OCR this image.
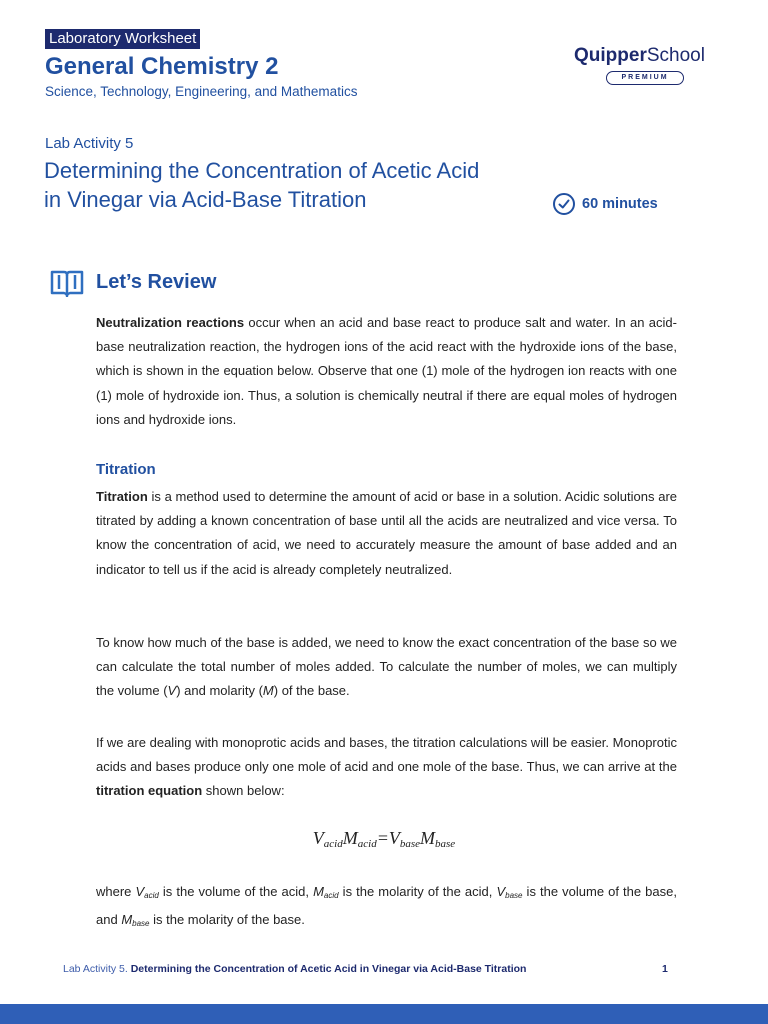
Laboratory Worksheet
General Chemistry 2
Science, Technology, Engineering, and Mathematics
QuipperSchool
PREMIUM
Lab Activity 5
Determining the Concentration of Acetic Acid
in Vinegar via Acid-Base Titration	60 minutes
Let’s Review

Neutralization reactions occur when an acid and base react to produce salt and water. In an acid-base neutralization reaction, the hydrogen ions of the acid react with the hydroxide ions of the base, which is shown in the equation below. Observe that one (1) mole of the hydrogen ion reacts with one (1) mole of hydroxide ion. Thus, a solution is chemically neutral if there are equal moles of hydrogen ions and hydroxide ions.

Titration

Titration is a method used to determine the amount of acid or base in a solution. Acidic solutions are titrated by adding a known concentration of base until all the acids are neutralized and vice versa. To know the concentration of acid, we need to accurately measure the amount of base added and an indicator to tell us if the acid is already completely neutralized.

To know how much of the base is added, we need to know the exact concentration of the base so we can calculate the total number of moles added. To calculate the number of moles, we can multiply the volume (V) and molarity (M) of the base.

If we are dealing with monoprotic acids and bases, the titration calculations will be easier. Monoprotic acids and bases produce only one mole of acid and one mole of the base. Thus, we can arrive at the titration equation shown below:

$V_{acid}M_{acid}=V_{base}M_{base}$

where $V_{acid}$ is the volume of the acid, $M_{acid}$ is the molarity of the acid, $V_{base}$ is the volume of the base, and $M_{base}$ is the molarity of the base.

Lab Activity 5. Determining the Concentration of Acetic Acid in Vinegar via Acid-Base Titration	1
